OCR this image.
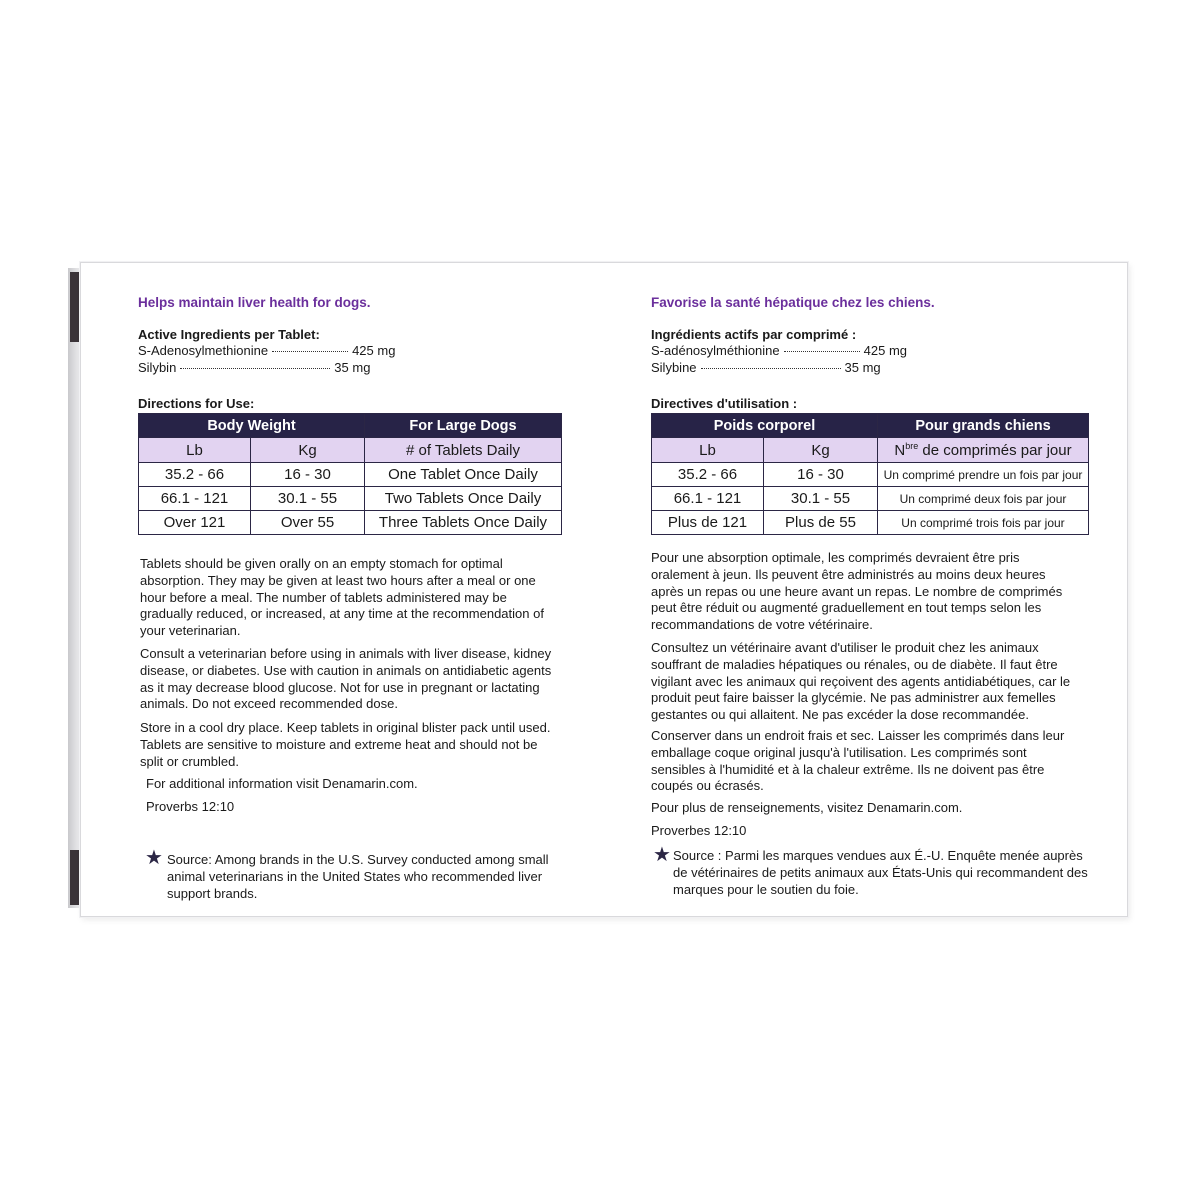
Helps maintain liver health for dogs.
Active Ingredients per Tablet:
S-Adenosylmethionine	425 mg
Silybin	35 mg
Directions for Use:
Body Weight		For Large Dogs
Lb	Kg	# of Tablets Daily
35.2 - 66	16 - 30	One Tablet Once Daily
66.1 - 121	30.1 - 55	Two Tablets Once Daily
Over 121	Over 55	Three Tablets Once Daily
Tablets should be given orally on an empty stomach for optimal absorption. They may be given at least two hours after a meal or one hour before a meal. The number of tablets administered may be gradually reduced, or increased, at any time at the recommendation of your veterinarian.
Consult a veterinarian before using in animals with liver disease, kidney disease, or diabetes. Use with caution in animals on antidiabetic agents as it may decrease blood glucose. Not for use in pregnant or lactating animals. Do not exceed recommended dose.
Store in a cool dry place. Keep tablets in original blister pack until used. Tablets are sensitive to moisture and extreme heat and should not be split or crumbled.
For additional information visit Denamarin.com.
Proverbs 12:10
★ Source: Among brands in the U.S. Survey conducted among small animal veterinarians in the United States who recommended liver support brands.
Favorise la santé hépatique chez les chiens.
Ingrédients actifs par comprimé :
S-adénosylméthionine	425 mg
Silybine	35 mg
Directives d'utilisation :
Poids corporel		Pour grands chiens
Lb	Kg	$N^{bre}$ de comprimés par jour
35.2 - 66	16 - 30	Un comprimé prendre un fois par jour
66.1 - 121	30.1 - 55	Un comprimé deux fois par jour
Plus de 121	Plus de 55	Un comprimé trois fois par jour
Pour une absorption optimale, les comprimés devraient être pris oralement à jeun. Ils peuvent être administrés au moins deux heures après un repas ou une heure avant un repas. Le nombre de comprimés peut être réduit ou augmenté graduellement en tout temps selon les recommandations de votre vétérinaire.
Consultez un vétérinaire avant d'utiliser le produit chez les animaux souffrant de maladies hépatiques ou rénales, ou de diabète. Il faut être vigilant avec les animaux qui reçoivent des agents antidiabétiques, car le produit peut faire baisser la glycémie. Ne pas administrer aux femelles gestantes ou qui allaitent. Ne pas excéder la dose recommandée.
Conserver dans un endroit frais et sec. Laisser les comprimés dans leur emballage coque original jusqu'à l'utilisation. Les comprimés sont sensibles à l'humidité et à la chaleur extrême. Ils ne doivent pas être coupés ou écrasés.
Pour plus de renseignements, visitez Denamarin.com.
Proverbes 12:10
★ Source : Parmi les marques vendues aux É.-U. Enquête menée auprès de vétérinaires de petits animaux aux États-Unis qui recommandent des marques pour le soutien du foie.
